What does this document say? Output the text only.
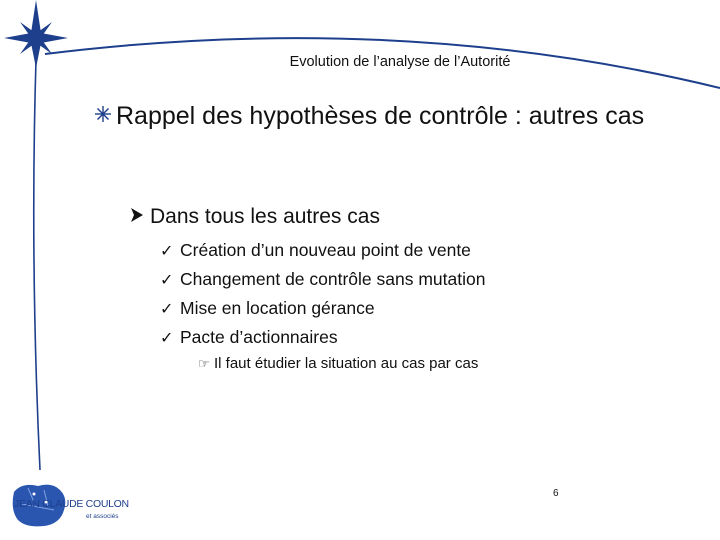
Evolution de l’analyse de l’Autorité
Rappel des hypothèses de contrôle : autres cas
Dans tous les autres cas
✓ Création d’un nouveau point de vente
✓ Changement de contrôle sans mutation
✓ Mise en location gérance
✓ Pacte d’actionnaires
☞ Il faut étudier la situation au cas par cas
6
JEAN CLAUDE COULON
et associés
